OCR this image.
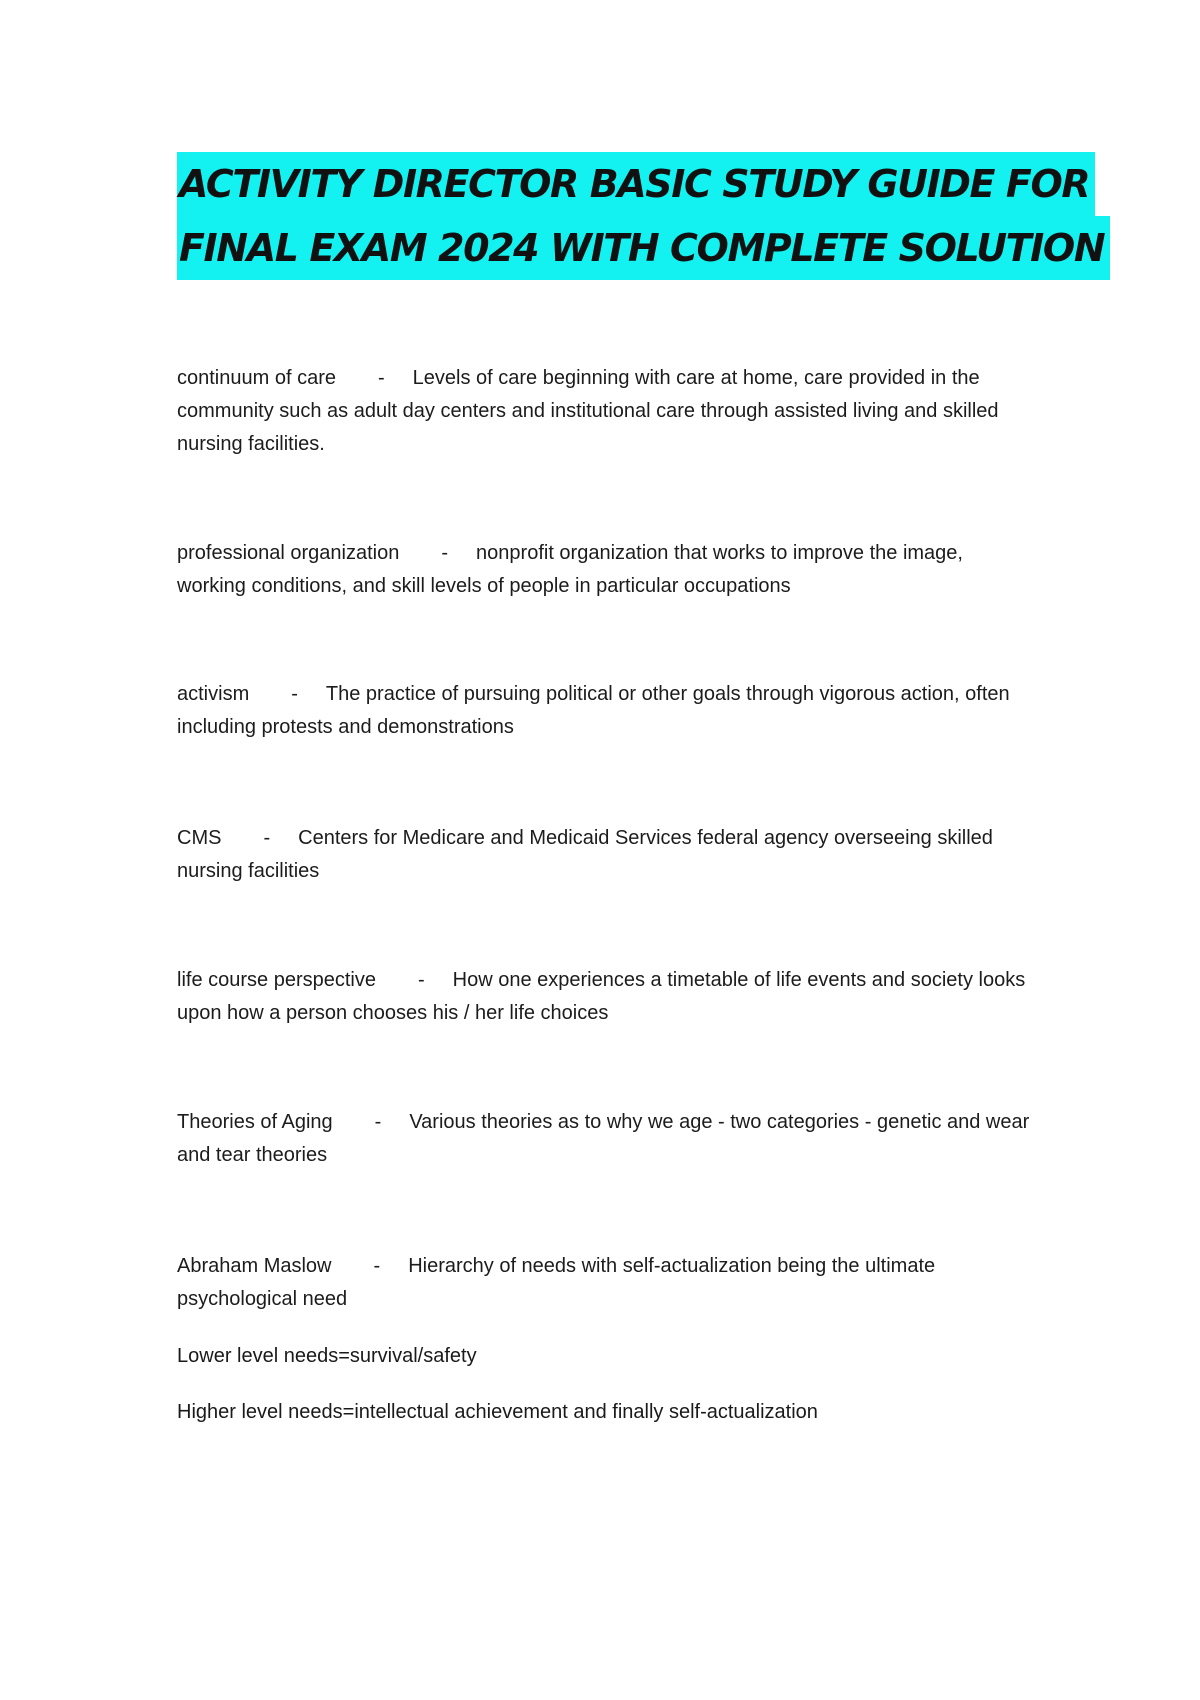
ACTIVITY DIRECTOR BASIC STUDY GUIDE FOR
FINAL EXAM 2024 WITH COMPLETE SOLUTION
continuum of care - Levels of care beginning with care at home, care provided in the community such as adult day centers and institutional care through assisted living and skilled nursing facilities.
professional organization - nonprofit organization that works to improve the image, working conditions, and skill levels of people in particular occupations
activism - The practice of pursuing political or other goals through vigorous action, often including protests and demonstrations
CMS - Centers for Medicare and Medicaid Services federal agency overseeing skilled nursing facilities
life course perspective - How one experiences a timetable of life events and society looks upon how a person chooses his / her life choices
Theories of Aging - Various theories as to why we age - two categories - genetic and wear and tear theories
Abraham Maslow - Hierarchy of needs with self-actualization being the ultimate psychological need
Lower level needs=survival/safety
Higher level needs=intellectual achievement and finally self-actualization
